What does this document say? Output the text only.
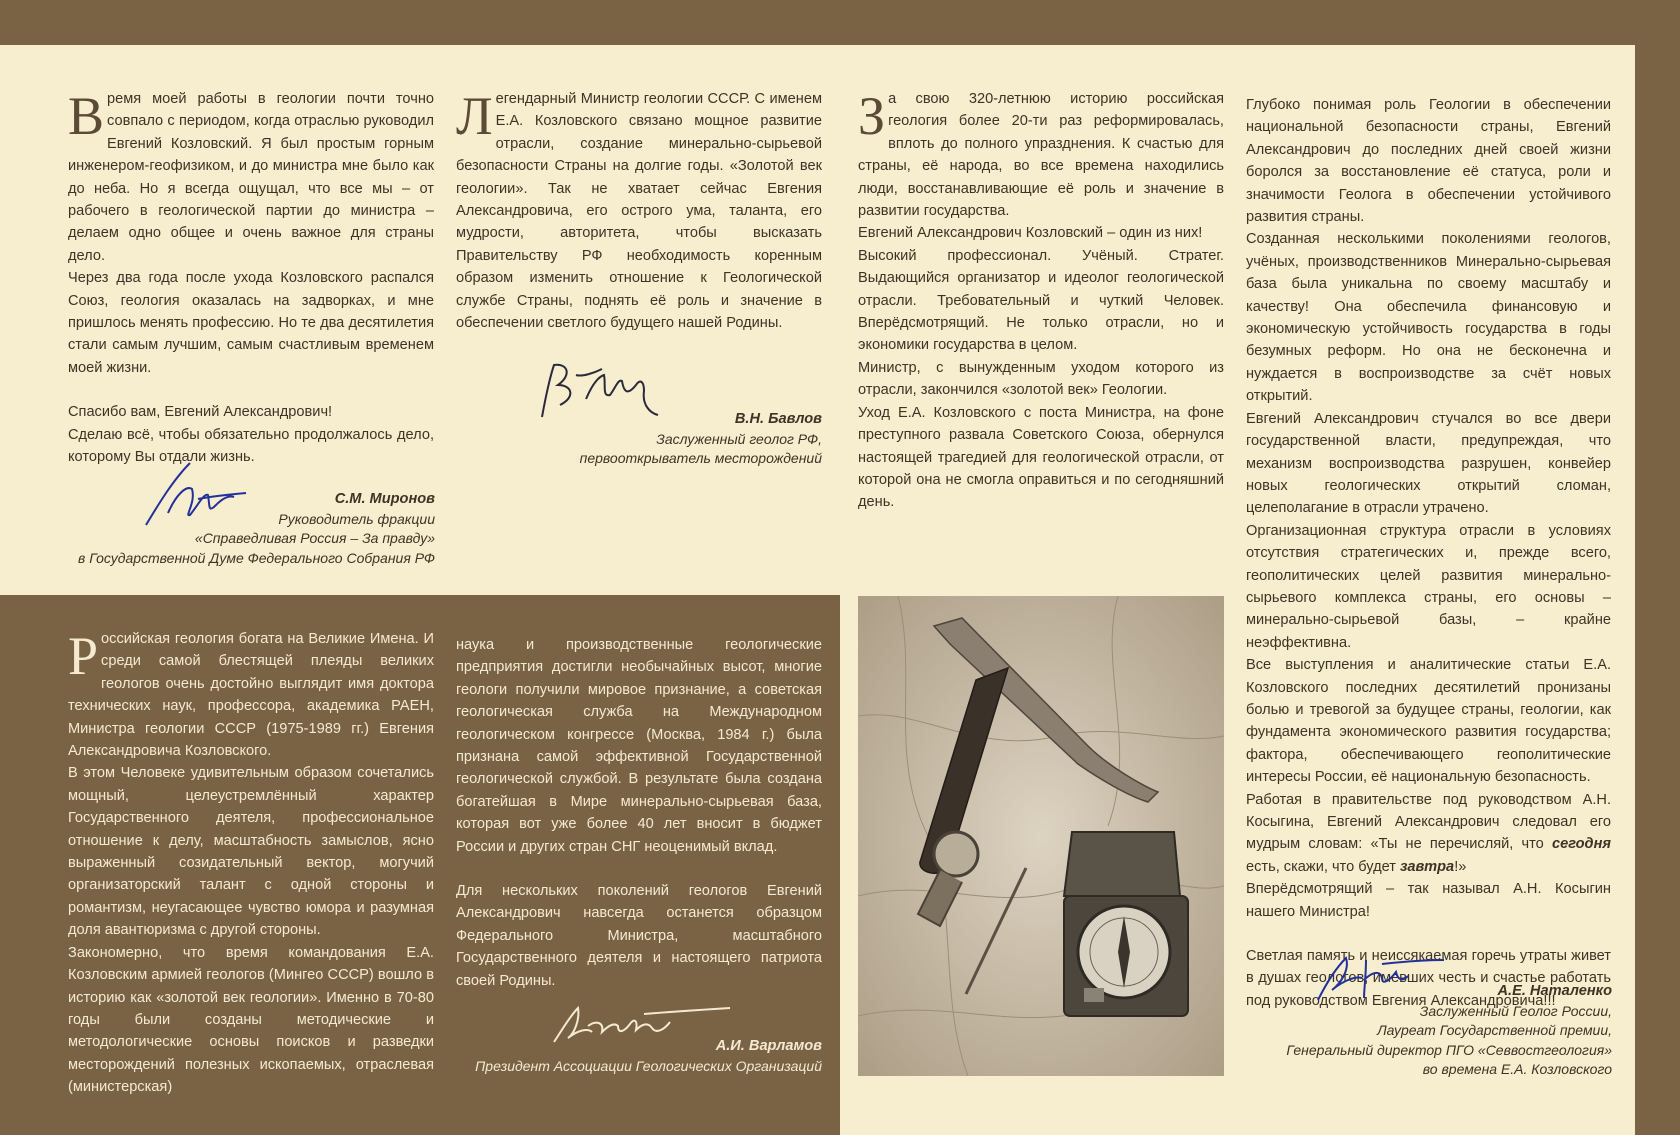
В ремя моей работы в геологии почти точно совпало с периодом, когда отраслью руководил Евгений Козловский. Я был простым горным инженером-геофизиком, и до министра мне было как до неба. Но я всегда ощущал, что все мы – от рабочего в геологической партии до министра – делаем одно общее и очень важное для страны дело.

Через два года после ухода Козловского распался Союз, геология оказалась на задворках, и мне пришлось менять профессию. Но те два десятилетия стали самым лучшим, самым счастливым временем моей жизни.

Спасибо вам, Евгений Александрович!

Сделаю всё, чтобы обязательно продолжалось дело, которому Вы отдали жизнь.

С.М. Миронов
Руководитель фракции
«Справедливая Россия – За правду»
в Государственной Думе Федерального Собрания РФ
Л егендарный Министр геологии СССР. С именем Е.А. Козловского связано мощное развитие отрасли, создание минерально-сырьевой безопасности Страны на долгие годы. «Золотой век геологии». Так не хватает сейчас Евгения Александровича, его острого ума, таланта, его мудрости, авторитета, чтобы высказать Правительству РФ необходимость коренным образом изменить отношение к Геологической службе Страны, поднять её роль и значение в обеспечении светлого будущего нашей Родины.

В.Н. Бавлов
Заслуженный геолог РФ,
первооткрыватель месторождений
З а свою 320-летнюю историю российская геология более 20-ти раз реформировалась, вплоть до полного упразднения. К счастью для страны, её народа, во все времена находились люди, восстанавливающие её роль и значение в развитии государства.

Евгений Александрович Козловский – один из них!

Высокий профессионал. Учёный. Стратег. Выдающийся организатор и идеолог геологической отрасли. Требовательный и чуткий Человек. Вперёдсмотрящий. Не только отрасли, но и экономики государства в целом.

Министр, с вынужденным уходом которого из отрасли, закончился «золотой век» Геологии.

Уход Е.А. Козловского с поста Министра, на фоне преступного развала Советского Союза, обернулся настоящей трагедией для геологической отрасли, от которой она не смогла оправиться и по сегодняшний день.

Глубоко понимая роль Геологии в обеспечении национальной безопасности страны, Евгений Александрович до последних дней своей жизни боролся за восстановление её статуса, роли и значимости Геолога в обеспечении устойчивого развития страны.

Созданная несколькими поколениями геологов, учёных, производственников Минерально-сырьевая база была уникальна по своему масштабу и качеству! Она обеспечила финансовую и экономическую устойчивость государства в годы безумных реформ. Но она не бесконечна и нуждается в воспроизводстве за счёт новых открытий.

Евгений Александрович стучался во все двери государственной власти, предупреждая, что механизм воспроизводства разрушен, конвейер новых геологических открытий сломан, целеполагание в отрасли утрачено.

Организационная структура отрасли в условиях отсутствия стратегических и, прежде всего, геополитических целей развития минерально-сырьевого комплекса страны, его основы – минерально-сырьевой базы, – крайне неэффективна.

Все выступления и аналитические статьи Е.А. Козловского последних десятилетий пронизаны болью и тревогой за будущее страны, геологии, как фундамента экономического развития государства; фактора, обеспечивающего геополитические интересы России, её национальную безопасность.

Работая в правительстве под руководством А.Н. Косыгина, Евгений Александрович следовал его мудрым словам: «Ты не перечисляй, что сегодня есть, скажи, что будет завтра!»

Вперёдсмотрящий – так называл А.Н. Косыгин нашего Министра!

Светлая память и неиссякаемая горечь утраты живет в душах геологов, имевших честь и счастье работать под руководством Евгения Александровича!!!

А.Е. Наталенко
Заслуженный Геолог России,
Лауреат Государственной премии,
Генеральный директор ПГО «Севвостгеология»
во времена Е.А. Козловского
Р оссийская геология богата на Великие Имена. И среди самой блестящей плеяды великих геологов очень достойно выглядит имя доктора технических наук, профессора, академика РАЕН, Министра геологии СССР (1975-1989 гг.) Евгения Александровича Козловского.

В этом Человеке удивительным образом сочетались мощный, целеустремлённый характер Государственного деятеля, профессиональное отношение к делу, масштабность замыслов, ясно выраженный созидательный вектор, могучий организаторский талант с одной стороны и романтизм, неугасающее чувство юмора и разумная доля авантюризма с другой стороны.

Закономерно, что время командования Е.А. Козловским армией геологов (Мингео СССР) вошло в историю как «золотой век геологии». Именно в 70-80 годы были созданы методические и методологические основы поисков и разведки месторождений полезных ископаемых, отраслевая (министерская)

наука и производственные геологические предприятия достигли необычайных высот, многие геологи получили мировое признание, а советская геологическая служба на Международном геологическом конгрессе (Москва, 1984 г.) была признана самой эффективной Государственной геологической службой. В результате была создана богатейшая в Мире минерально-сырьевая база, которая вот уже более 40 лет вносит в бюджет России и других стран СНГ неоценимый вклад.

Для нескольких поколений геологов Евгений Александрович навсегда останется образцом Федерального Министра, масштабного Государственного деятеля и настоящего патриота своей Родины.

А.И. Варламов
Президент Ассоциации Геологических Организаций
